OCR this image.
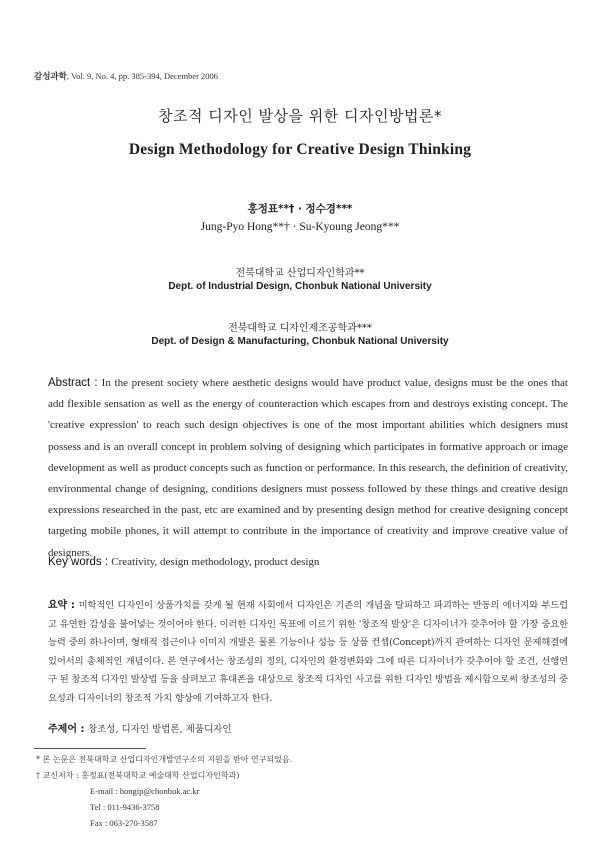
감성과학, Vol. 9, No. 4, pp. 385-394, December 2006
창조적 디자인 발상을 위한 디자인방법론*
Design Methodology for Creative Design Thinking
홍정표**† · 정수경***
Jung-Pyo Hong**† · Su-Kyoung Jeong***
전북대학교 산업디자인학과**
Dept. of Industrial Design, Chonbuk National University
전북대학교 디자인제조공학과***
Dept. of Design & Manufacturing, Chonbuk National University
Abstract : In the present society where aesthetic designs would have product value, designs must be the ones that add flexible sensation as well as the energy of counteraction which escapes from and destroys existing concept. The 'creative expression' to reach such design objectives is one of the most important abilities which designers must possess and is an overall concept in problem solving of designing which participates in formative approach or image development as well as product concepts such as function or performance. In this research, the definition of creativity, environmental change of designing, conditions designers must possess followed by these things and creative design expressions researched in the past, etc are examined and by presenting design method for creative designing concept targeting mobile phones, it will attempt to contribute in the importance of creativity and improve creative value of designers.
Key words : Creativity, design methodology, product design
요약 : 미학적인 디자인이 상품가치를 갖게 될 현재 사회에서 디자인은 기존의 개념을 탈피하고 파괴하는 반동의 에너지와 부드럽고 유연한 감성을 불어넣는 것이어야 한다. 이러한 디자인 목표에 이르기 위한 '창조적 발상'은 디자이너가 갖추어야 할 가장 중요한 능력 중의 하나이며, 형태적 접근이나 이미지 개발은 물론 기능이나 성능 등 상품 컨셉(Concept)까지 관여하는 디자인 문제해결에 있어서의 총체적인 개념이다. 본 연구에서는 창조성의 정의, 디자인의 환경변화와 그에 따른 디자이너가 갖추어야 할 조건, 선행연구 된 창조적 디자인 발상법 등을 살펴보고 휴대폰을 대상으로 창조적 디자인 사고를 위한 디자인 방법을 제시함으로써 창조성의 중요성과 디자이너의 창조적 가치 향상에 기여하고자 한다.
주제어 : 창조성, 디자인 방법론, 제품디자인
* 본 논문은 전북대학교 산업디자인개발연구소의 지원을 받아 연구되었음.
† 교신저자 : 홍정표(전북대학교 예술대학 산업디자인학과)
E-mail : hongip@chonbuk.ac.kr
Tel : 011-9436-3758
Fax : 063-270-3587
